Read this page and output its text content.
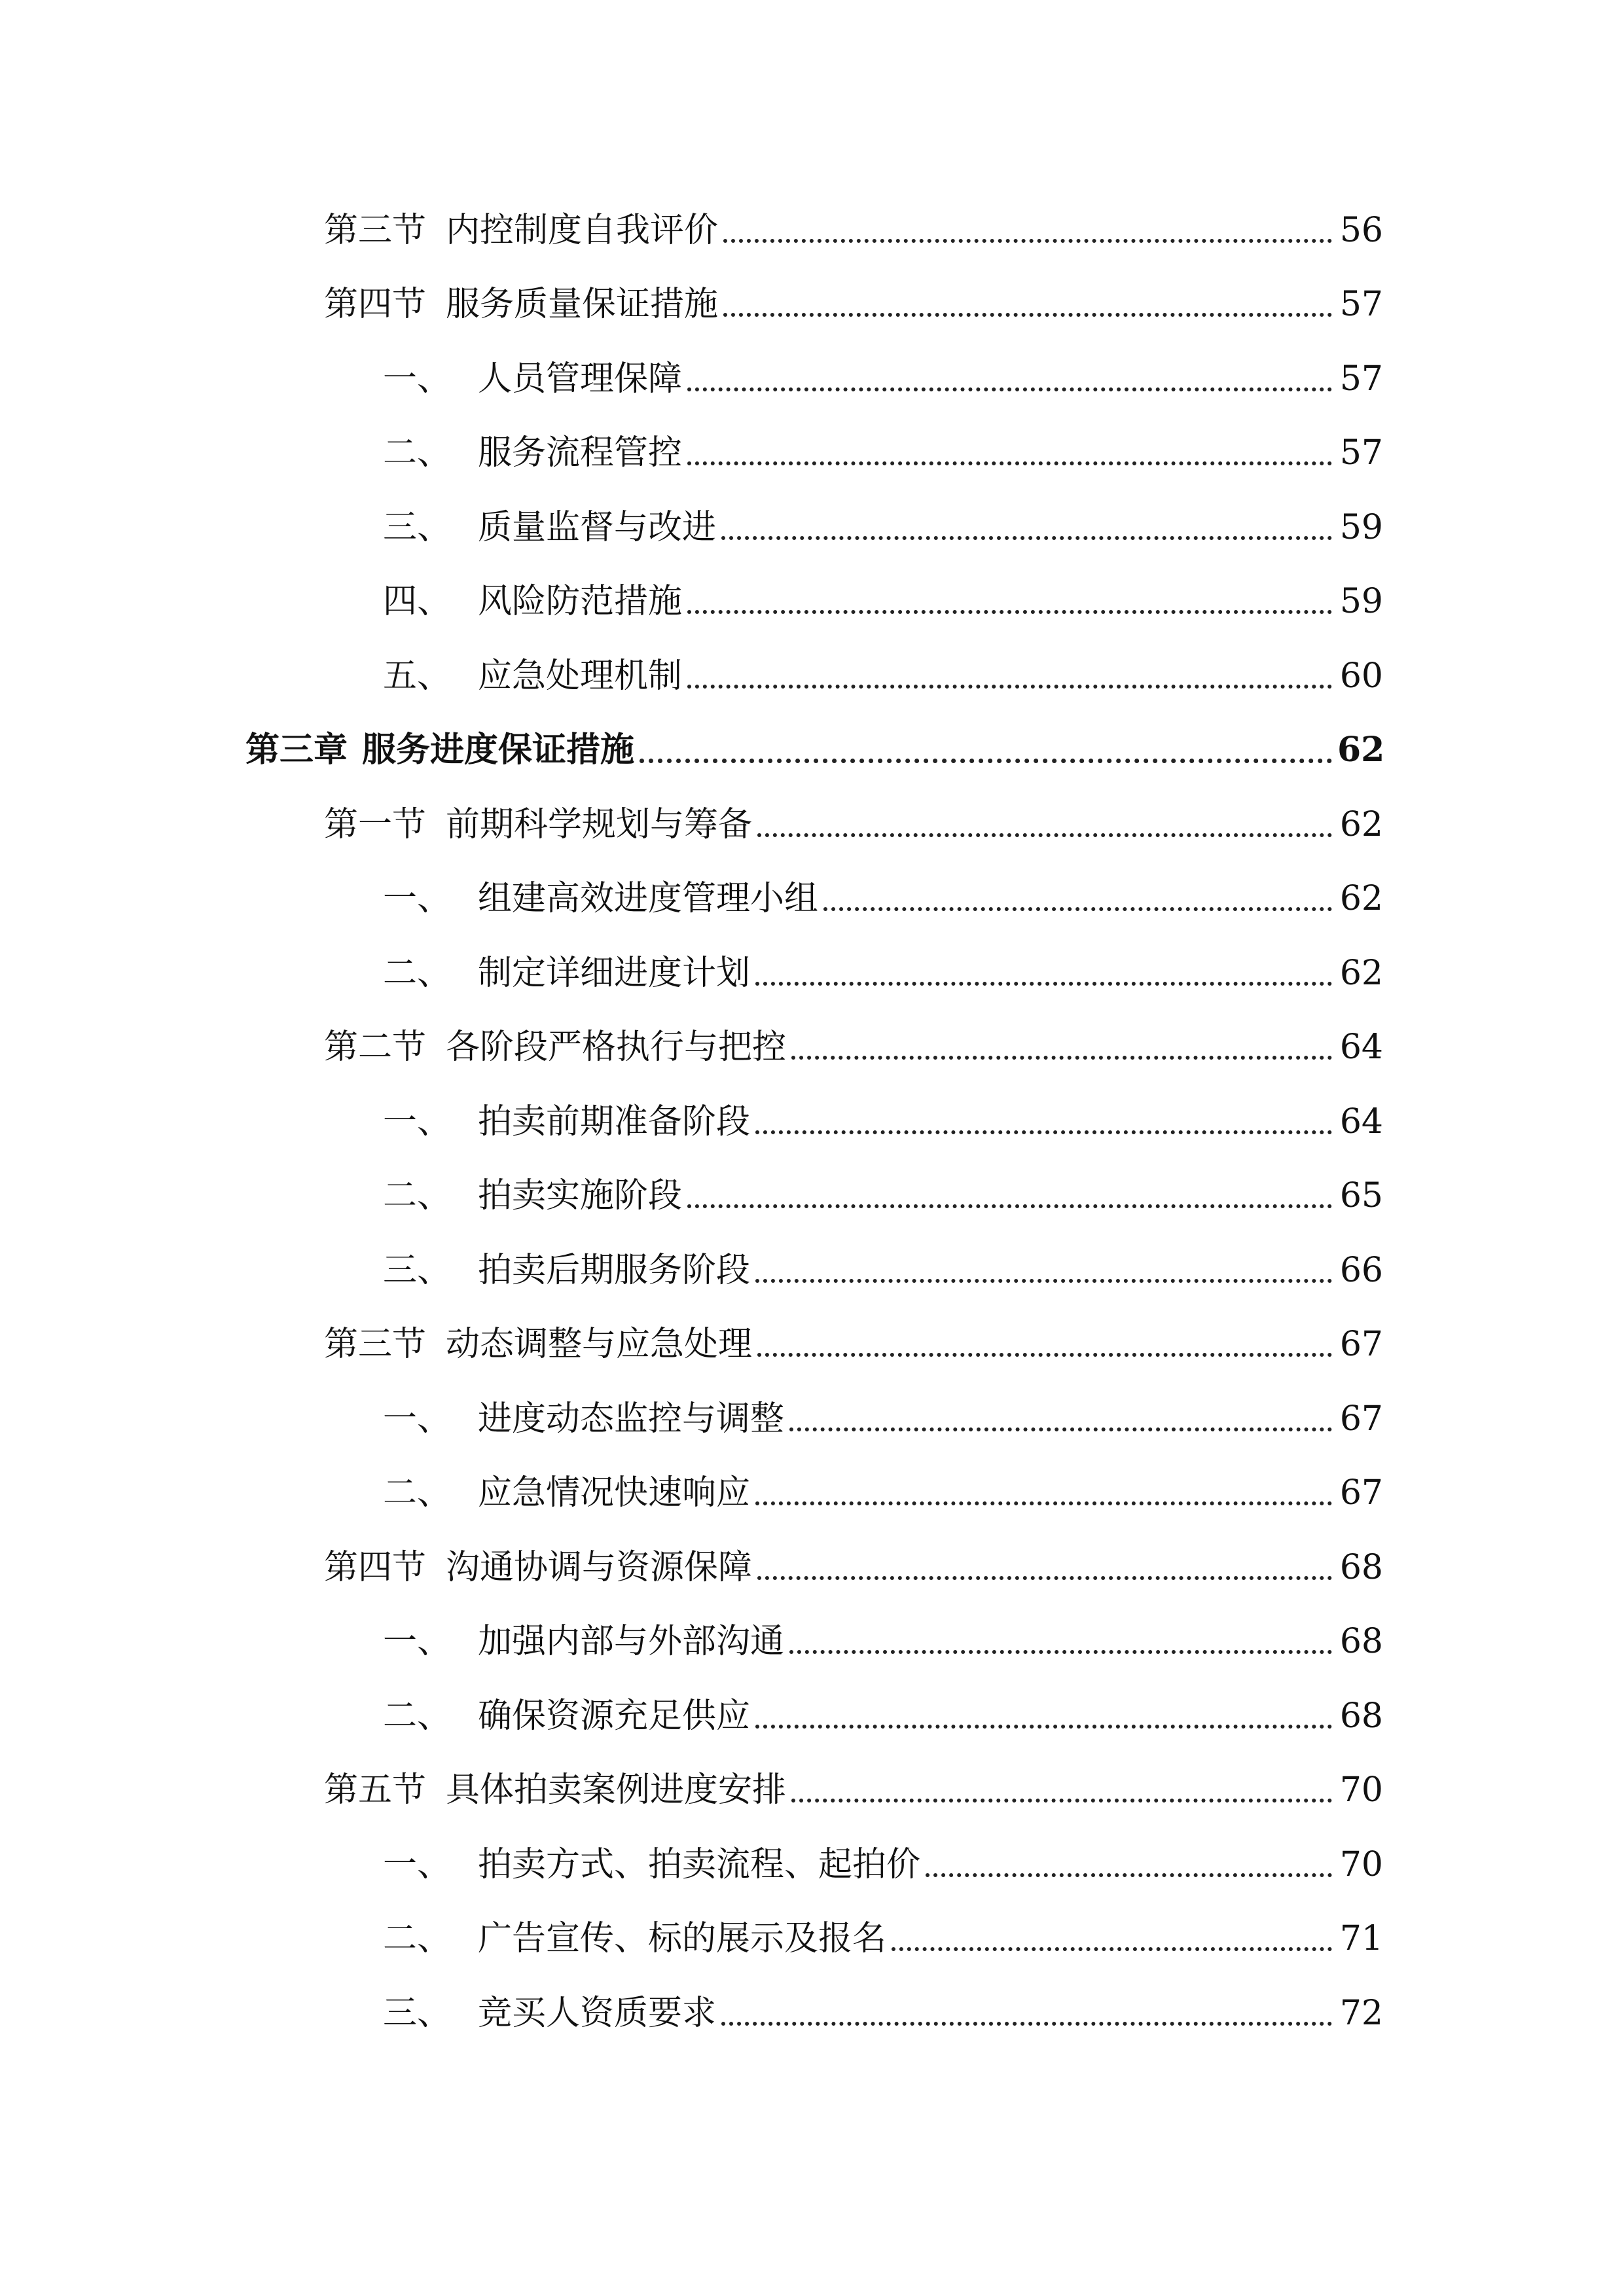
第三节 内控制度自我评价	56
第四节 服务质量保证措施	57
一、 人员管理保障	57
二、 服务流程管控	57
三、 质量监督与改进	59
四、 风险防范措施	59
五、 应急处理机制	60
第三章 服务进度保证措施	62
第一节 前期科学规划与筹备	62
一、 组建高效进度管理小组	62
二、 制定详细进度计划	62
第二节 各阶段严格执行与把控	64
一、 拍卖前期准备阶段	64
二、 拍卖实施阶段	65
三、 拍卖后期服务阶段	66
第三节 动态调整与应急处理	67
一、 进度动态监控与调整	67
二、 应急情况快速响应	67
第四节 沟通协调与资源保障	68
一、 加强内部与外部沟通	68
二、 确保资源充足供应	68
第五节 具体拍卖案例进度安排	70
一、 拍卖方式、拍卖流程、起拍价	70
二、 广告宣传、标的展示及报名	71
三、 竞买人资质要求	72
